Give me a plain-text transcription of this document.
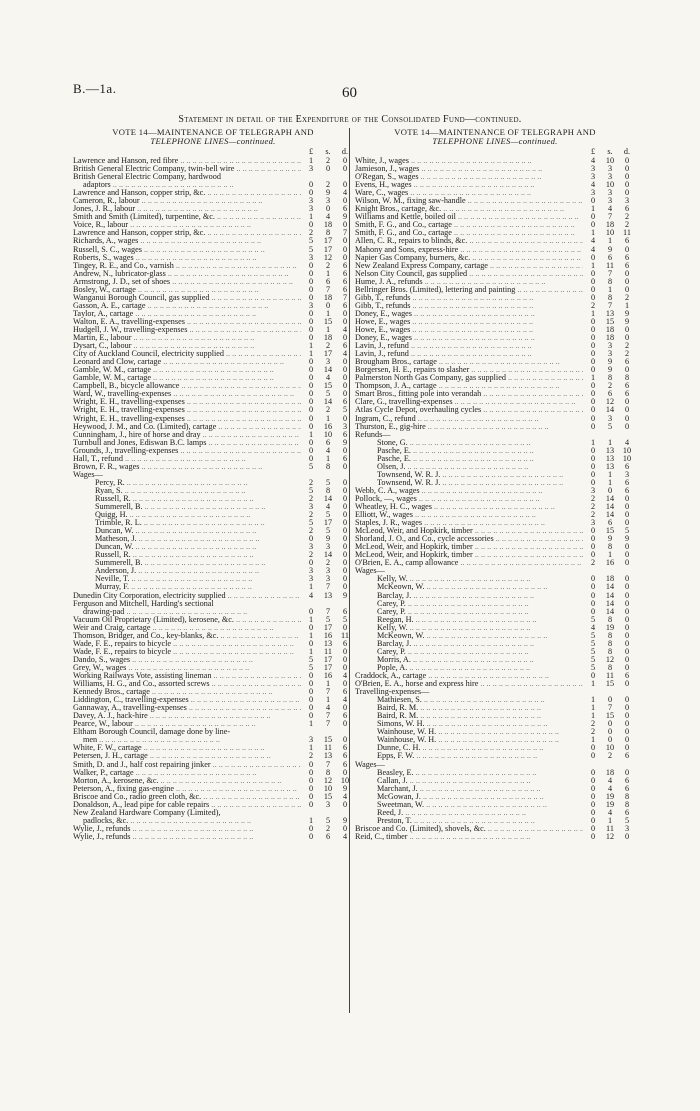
B.—1a.	60
Statement in detail of the Expenditure of the Consolidated Fund—continued.
VOTE 14—MAINTENANCE OF TELEGRAPH AND
TELEPHONE LINES—continued.
£	s.	d.
Lawrence and Hanson, red fibre .. ..	1	2	0
British General Electric Company, twin-bell wire .. ..	3	0	0
British General Electric Company, hardwood
adaptors .. ..	0	2	0
Lawrence and Hanson, copper strip, &c. .. ..	0	9	4
Cameron, R., labour .. ..	3	3	0
Jones, J. R., labour .. ..	3	0	6
Smith and Smith (Limited), turpentine, &c. .. ..	1	4	9
Voice, R., labour .. ..	0	18	0
Lawrence and Hanson, copper strip, &c. .. ..	2	8	7
Richards, A., wages .. ..	5	17	0
Russell, S. C., wages .. ..	5	17	0
Roberts, S., wages .. ..	3	12	0
Tingey, R. E., and Co., varnish .. ..	0	2	6
Andrew, N., lubricator-glass .. ..	0	1	6
Armstrong, J. D., set of shoes .. ..	0	6	6
Bosley, W., cartage .. ..	0	7	6
Wanganui Borough Council, gas supplied .. ..	0	18	7
Gasson, A. E., cartage .. ..	3	0	6
Taylor, A., cartage .. ..	0	1	0
Walton, E. A., travelling-expenses .. ..	0	15	0
Hudgell, J. W., travelling-expenses .. ..	0	1	4
Martin, E., labour .. ..	0	18	0
Dysart, C., labour .. ..	1	2	6
City of Auckland Council, electricity supplied .. ..	1	17	4
Leonard and Clow, cartage .. ..	0	3	0
Gamble, W. M., cartage .. ..	0	14	0
Gamble, W. M., cartage .. ..	0	4	0
Campbell, B., bicycle allowance .. ..	0	15	0
Ward, W., travelling-expenses .. ..	0	5	0
Wright, E. H., travelling-expenses .. ..	0	14	6
Wright, E. H., travelling-expenses .. ..	0	2	5
Wright, E. H., travelling-expenses .. ..	0	1	0
Heywood, J. M., and Co. (Limited), cartage .. ..	0	16	3
Cunningham, J., hire of horse and dray .. ..	1	10	6
Turnbull and Jones, Ediswan B.C. lamps .. ..	0	6	9
Grounds, J., travelling-expenses .. ..	0	4	0
Hall, T., refund .. ..	0	1	6
Brown, F. R., wages .. ..	5	8	0
Wages—
Percy, R. .. ..	2	5	0
Ryan, S. .. ..	5	8	0
Russell, R. .. ..	2	14	0
Summerell, B. .. ..	3	4	0
Quigg, H. .. ..	2	5	0
Trimble, R. L. .. ..	5	17	0
Duncan, W. .. ..	2	5	0
Matheson, J. .. ..	0	9	0
Duncan, W. .. ..	3	3	0
Russell, R. .. ..	2	14	0
Summerell, B. .. ..	0	2	0
Anderson, J. .. ..	3	3	0
Neville, T. .. ..	3	3	0
Murray, F. .. ..	1	7	0
Dunedin City Corporation, electricity supplied .. ..	4	13	9
Ferguson and Mitchell, Harding's sectional
drawing-pad .. ..	0	7	6
Vacuum Oil Proprietary (Limited), kerosene, &c. .. ..	1	5	5
Weir and Craig, cartage .. ..	0	17	0
Thomson, Bridger, and Co., key-blanks, &c. .. ..	1	16 11
Wade, F. E., repairs to bicycle .. ..	0	13	6
Wade, F. E., repairs to bicycle .. ..	1	11	0
Dando, S., wages .. ..	5	17	0
Grey, W., wages .. ..	5	17	0
Working Railways Vote, assisting lineman .. ..	0	16	4
Williams, H. G., and Co., assorted screws .. ..	0	1	0
Kennedy Bros., cartage .. ..	0	7	6
Liddington, C., travelling-expenses .. ..	0	1	4
Gannaway, A., travelling-expenses .. ..	0	4	0
Davey, A. J., hack-hire .. ..	0	7	6
Pearce, W., labour .. ..	1	7	0
Eltham Borough Council, damage done by line-
men .. ..	3	15	0
White, F. W., cartage .. ..	1	11	6
Petersen, J. H., cartage .. ..	2	13	6
Smith, D. and J., half cost repairing jinker .. ..	0	7	6
Walker, P., cartage .. ..	0	8	0
Morton, A., kerosene, &c. .. ..	0	12 10
Peterson, A., fixing gas-engine .. ..	0	10	9
Briscoe and Co., radio green cloth, &c. .. ..	0	15	4
Donaldson, A., lead pipe for cable repairs .. ..	0	3	0
New Zealand Hardware Company (Limited),
padlocks, &c. .. ..	1	5	9
Wylie, J., refunds .. ..	0	2	0
Wylie, J., refunds .. ..	0	6	4
VOTE 14—MAINTENANCE OF TELEGRAPH AND
TELEPHONE LINES—continued.
£	s.	d.
White, J., wages .. ..	4	10	0
Jamieson, J., wages .. ..	3	3	0
O'Regan, S., wages .. ..	3	3	0
Evens, H., wages .. ..	4	10	0
Ware, C., wages .. ..	3	3	0
Wilson, W. M., fixing saw-handle .. ..	0	3	3
Knight Bros., cartage, &c. .. ..	1	4	6
Williams and Kettle, boiled oil .. ..	0	7	2
Smith, F. G., and Co., cartage .. ..	0	18	2
Smith, F. G., and Co., cartage .. ..	1	10 11
Allen, C. R., repairs to blinds, &c. .. ..	4	1	6
Mahony and Sons, express-hire .. ..	4	9	0
Napier Gas Company, burners, &c. .. ..	0	6	6
New Zealand Express Company, cartage .. ..	1	11	6
Nelson City Council, gas supplied .. ..	0	7	0
Hume, J. A., refunds .. ..	0	8	0
Bellringer Bros. (Limited), lettering and painting .. ..	0	1	0
Gibb, T., refunds .. ..	0	8	2
Gibb, T., refunds .. ..	2	7	1
Doney, E., wages .. ..	1	13	9
Howe, E., wages .. ..	0	15	9
Howe, E., wages .. ..	0	18	0
Doney, E., wages .. ..	0	18	0
Lavin, J., refund .. ..	0	3	2
Lavin, J., refund .. ..	0	3	2
Brougham Bros., cartage .. ..	0	9	6
Borgersen, H. E., repairs to slasher .. ..	0	9	0
Palmerston North Gas Company, gas supplied .. ..	1	8	8
Thompson, J. A., cartage .. ..	0	2	6
Smart Bros., fitting pole into verandah .. ..	0	6	6
Clare, G., travelling-expenses .. ..	0	12	0
Atlas Cycle Depot, overhauling cycles .. ..	0	14	0
Ingram, C., refund .. ..	0	3	0
Thurston, E., gig-hire .. ..	0	5	0
Refunds—
Stone, G. .. ..	1	1	4
Pasche, E. .. ..	0	13 10
Pasche, E. .. ..	0	13 10
Olsen, J. .. ..	0	13	6
Townsend, W. R. J. .. ..	0	1	3
Townsend, W. R. J. .. ..	0	1	6
Webb, C. A., wages .. ..	3	0	6
Pollock, —, wages .. ..	2	14	0
Wheatley, H. C., wages .. ..	2	14	0
Elliott, W., wages .. ..	2	14	0
Staples, J. R., wages .. ..	3	6	0
McLeod, Weir, and Hopkirk, timber .. ..	0	15	5
Shorland, J. O., and Co., cycle accessories .. ..	0	9	9
McLeod, Weir, and Hopkirk, timber .. ..	0	8	0
McLeod, Weir, and Hopkirk, timber .. ..	0	1	0
O'Brien, E. A., camp allowance .. ..	2	16	0
Wages—
Kelly, W. .. ..	0	18	0
McKeown, W. .. ..	0	14	0
Barclay, J. .. ..	0	14	0
Carey, P. .. ..	0	14	0
Carey, P. .. ..	0	14	0
Reegan, H. .. ..	5	8	0
Kelly, W. .. ..	4	19	0
McKeown, W. .. ..	5	8	0
Barclay, J. .. ..	5	8	0
Carey, P. .. ..	5	8	0
Morris, A. .. ..	5	12	0
Pople, A. .. ..	5	8	0
Craddock, A., cartage .. ..	0	11	6
O'Brien, E. A., horse and express hire .. ..	1	15	0
Travelling-expenses—
Mathiesen, S. .. ..	1	0	0
Baird, R. M. .. ..	1	7	0
Baird, R. M. .. ..	1	15	0
Simons, W. H. .. ..	2	0	0
Wainhouse, W. H. .. ..	2	0	0
Wainhouse, W. H. .. ..	1	0	0
Dunne, C. H. .. ..	0	10	0
Epps, F. W. .. ..	0	2	6
Wages—
Beasley, E. .. ..	0	18	0
Callan, J. .. ..	0	4	6
Marchant, J. .. ..	0	4	6
McGowan, J. .. ..	0	19	8
Sweetman, W. .. ..	0	19	8
Reed, J. .. ..	0	4	6
Preston, T. .. ..	0	1	5
Briscoe and Co. (Limited), shovels, &c. .. ..	0	11	3
Reid, C., timber .. ..	0	12	0
